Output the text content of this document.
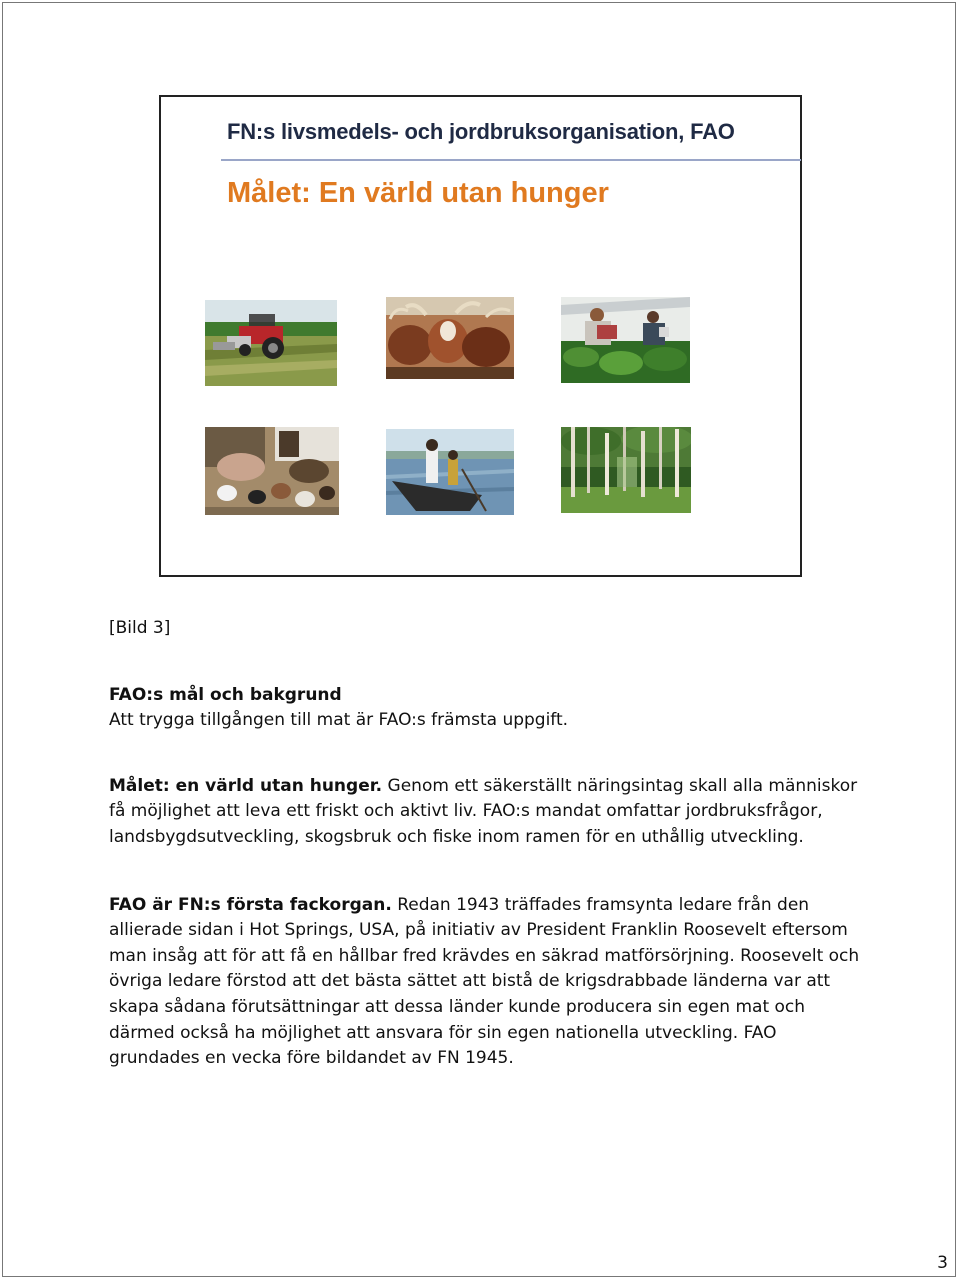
FN:s livsmedels- och jordbruksorganisation, FAO
Målet: En värld utan hunger

[Bild 3]

FAO:s mål och bakgrund

Att trygga tillgången till mat är FAO:s främsta uppgift.

Målet: en värld utan hunger. Genom ett säkerställt näringsintag skall alla människor få möjlighet att leva ett friskt och aktivt liv. FAO:s mandat omfattar jordbruksfrågor, landsbygdsutveckling, skogsbruk och fiske inom ramen för en uthållig utveckling.

FAO är FN:s första fackorgan. Redan 1943 träffades framsynta ledare från den allierade sidan i Hot Springs, USA, på initiativ av President Franklin Roosevelt eftersom man insåg att för att få en hållbar fred krävdes en säkrad matförsörjning. Roosevelt och övriga ledare förstod att det bästa sättet att bistå de krigsdrabbade länderna var att skapa sådana förutsättningar att dessa länder kunde producera sin egen mat och därmed också ha möjlighet att ansvara för sin egen nationella utveckling. FAO grundades en vecka före bildandet av FN 1945.

3
